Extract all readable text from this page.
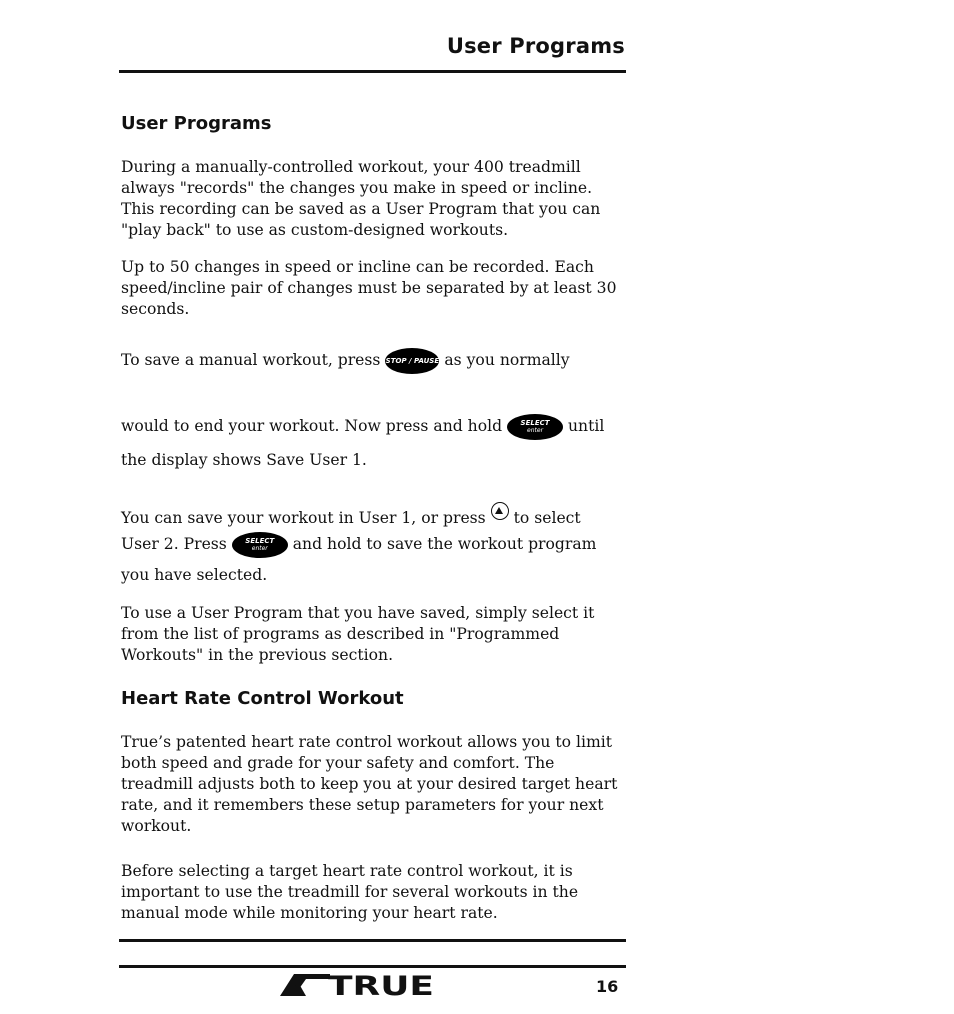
User Programs
User Programs
During a manually-controlled workout, your 400 treadmill always "records" the changes you make in speed or incline. This recording can be saved as a User Program that you can "play back" to use as custom-designed workouts.
Up to 50 changes in speed or incline can be recorded. Each speed/incline pair of changes must be separated by at least 30 seconds.
To save a manual workout, press STOP / PAUSE as you normally
would to end your workout. Now press and hold	SELECT
enter	until
the display shows Save User 1.
You can save your workout in User 1, or press to select
User 2. Press	SELECT
enter	and hold to save the workout program
you have selected.
To use a User Program that you have saved, simply select it from the list of programs as described in "Programmed Workouts" in the previous section.
Heart Rate Control Workout
True’s patented heart rate control workout allows you to limit both speed and grade for your safety and comfort. The treadmill adjusts both to keep you at your desired target heart rate, and it remembers these setup parameters for your next workout.
Before selecting a target heart rate control workout, it is important to use the treadmill for several workouts in the manual mode while monitoring your heart rate.
TRUE	16
